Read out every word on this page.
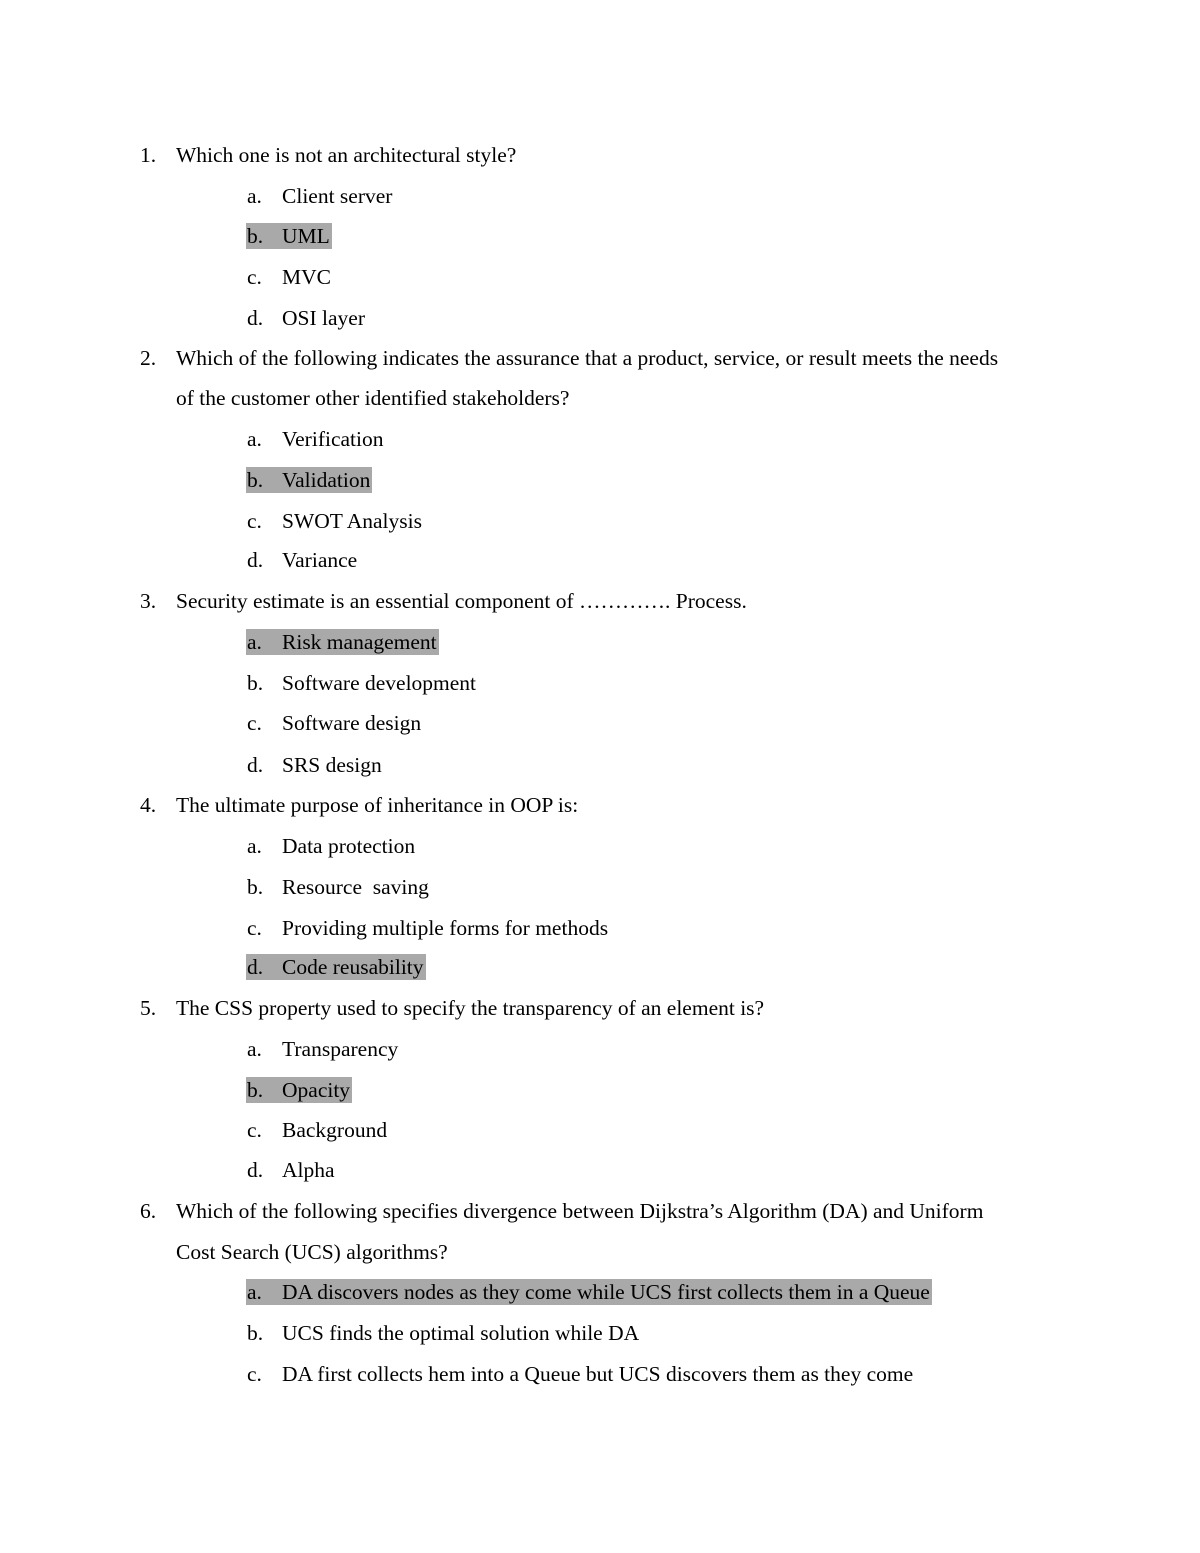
1. Which one is not an architectural style?
a. Client server
b. UML
c. MVC
d. OSI layer
2. Which of the following indicates the assurance that a product, service, or result meets the needs
of the customer other identified stakeholders?
a. Verification
b. Validation
c. SWOT Analysis
d. Variance
3. Security estimate is an essential component of …………. Process.
a. Risk management
b. Software development
c. Software design
d. SRS design
4. The ultimate purpose of inheritance in OOP is:
a. Data protection
b. Resource  saving
c. Providing multiple forms for methods
d. Code reusability
5. The CSS property used to specify the transparency of an element is?
a. Transparency
b. Opacity
c. Background
d. Alpha
6. Which of the following specifies divergence between Dijkstra’s Algorithm (DA) and Uniform
Cost Search (UCS) algorithms?
a. DA discovers nodes as they come while UCS first collects them in a Queue
b. UCS finds the optimal solution while DA
c. DA first collects hem into a Queue but UCS discovers them as they come
